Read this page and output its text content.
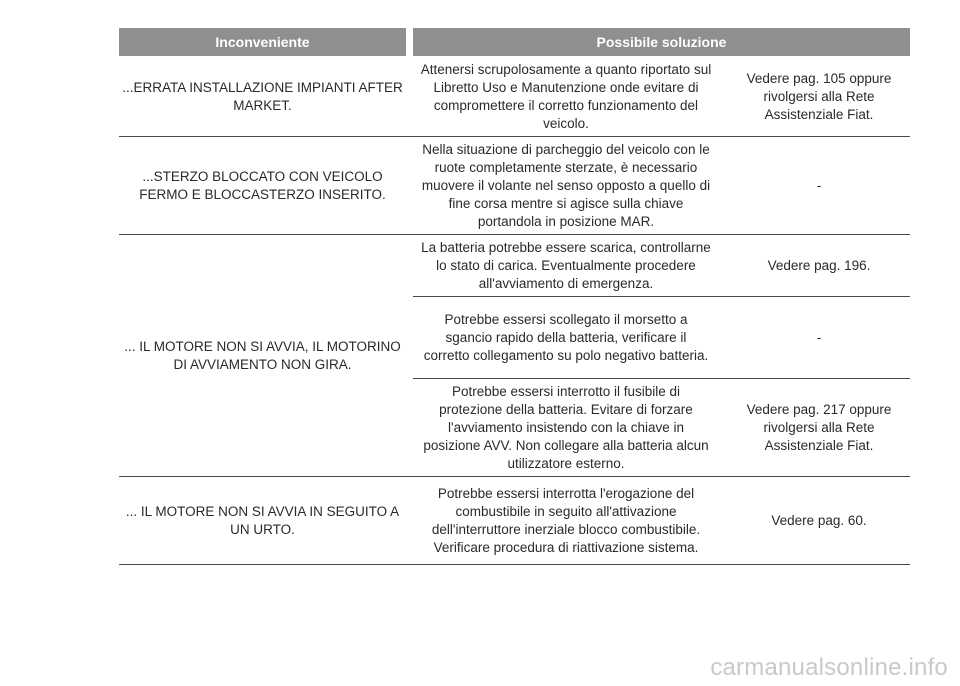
Inconveniente	Possibile soluzione
...ERRATA INSTALLAZIONE IMPIANTI AFTER MARKET.
Attenersi scrupolosamente a quanto riportato sul Libretto Uso e Manutenzione onde evitare di compromettere il corretto funzionamento del veicolo.
Vedere pag. 105 oppure rivolgersi alla Rete Assistenziale Fiat.
...STERZO BLOCCATO CON VEICOLO FERMO E BLOCCASTERZO INSERITO.
Nella situazione di parcheggio del veicolo con le ruote completamente sterzate, è necessario muovere il volante nel senso opposto a quello di fine corsa mentre si agisce sulla chiave portandola in posizione MAR.
-
... IL MOTORE NON SI AVVIA, IL MOTORINO DI AVVIAMENTO NON GIRA.
La batteria potrebbe essere scarica, controllarne lo stato di carica. Eventualmente procedere all'avviamento di emergenza.
Vedere pag. 196.
Potrebbe essersi scollegato il morsetto a sgancio rapido della batteria, verificare il corretto collegamento su polo negativo batteria.
-
Potrebbe essersi interrotto il fusibile di protezione della batteria. Evitare di forzare l'avviamento insistendo con la chiave in posizione AVV. Non collegare alla batteria alcun utilizzatore esterno.
Vedere pag. 217 oppure rivolgersi alla Rete Assistenziale Fiat.
... IL MOTORE NON SI AVVIA IN SEGUITO A UN URTO.
Potrebbe essersi interrotta l'erogazione del combustibile in seguito all'attivazione dell'interruttore inerziale blocco combustibile. Verificare procedura di riattivazione sistema.
Vedere pag. 60.
carmanualsonline.info
